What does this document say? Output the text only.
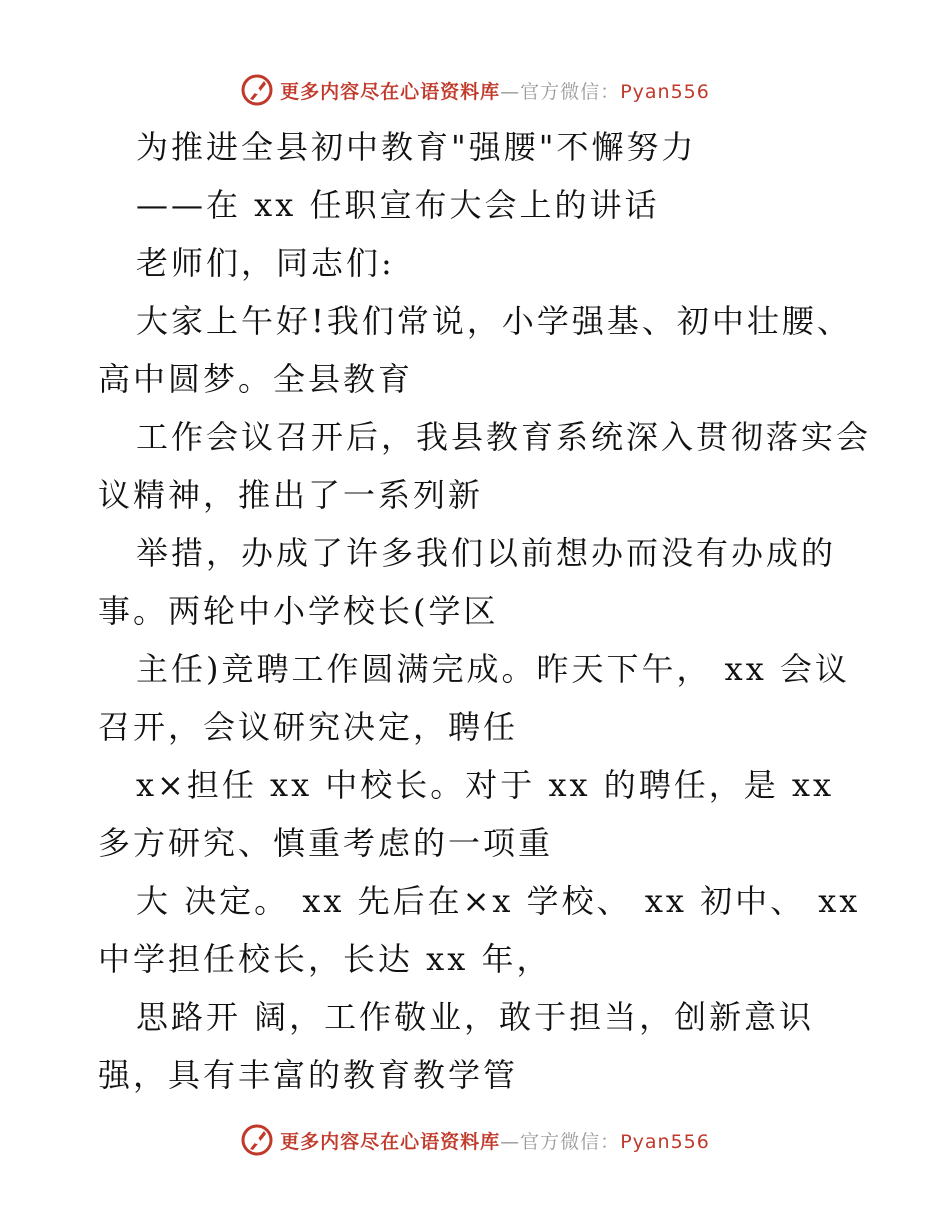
更多内容尽在心语资料库—官方微信：Pyan556
为推进全县初中教育"强腰"不懈努力
——在 xx 任职宣布大会上的讲话
老师们，同志们:
大家上午好!我们常说，小学强基、初中壮腰、
高中圆梦。全县教育
工作会议召开后，我县教育系统深入贯彻落实会
议精神，推出了一系列新
举措，办成了许多我们以前想办而没有办成的
事。两轮中小学校长(学区
主任)竞聘工作圆满完成。昨天下午， xx 会议
召开，会议研究决定，聘任
x×担任 xx 中校长。对于 xx 的聘任，是 xx
多方研究、慎重考虑的一项重
大 决定。 xx 先后在×x 学校、 xx 初中、 xx
中学担任校长，长达 xx 年，
思路开 阔，工作敬业，敢于担当，创新意识
强，具有丰富的教育教学管
更多内容尽在心语资料库—官方微信：Pyan556
